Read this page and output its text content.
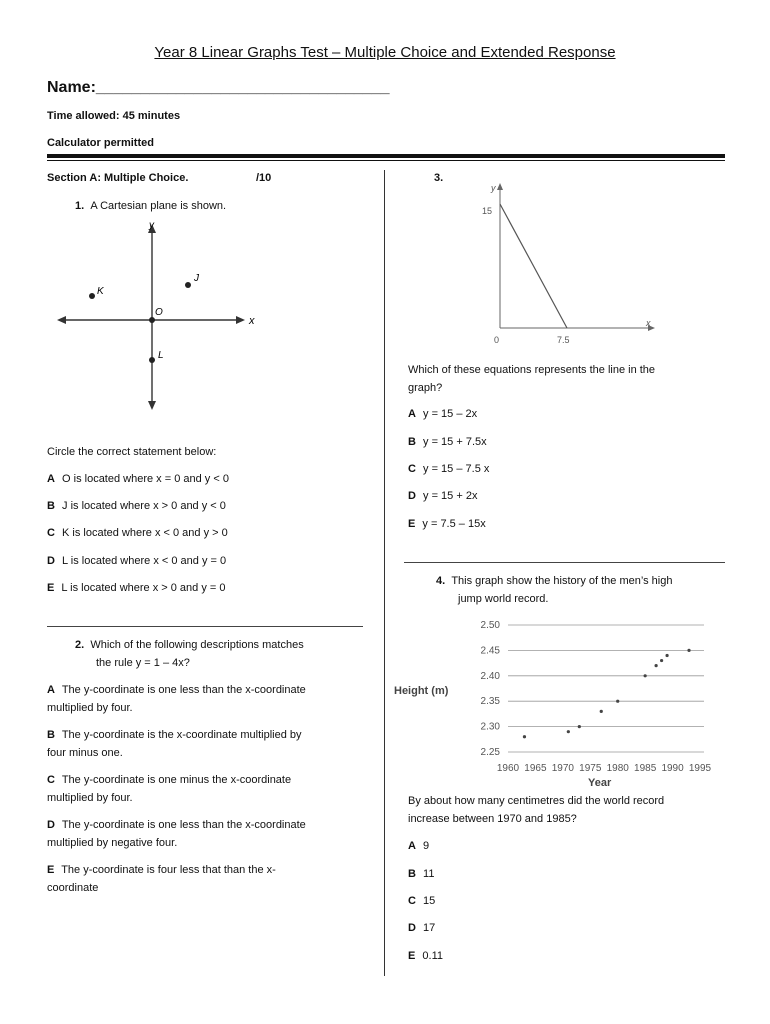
Year 8 Linear Graphs Test – Multiple Choice and Extended Response
Name:_________________________________
Time allowed: 45 minutes
Calculator permitted
Section A: Multiple Choice.	/10
1. A Cartesian plane is shown.
y
x
K
J
O
L
Circle the correct statement below:
A O is located where x = 0 and y < 0
B J is located where x > 0 and y < 0
C K is located where x < 0 and y > 0
D L is located where x < 0 and y = 0
E L is located where x > 0 and y = 0
2. Which of the following descriptions matches
the rule y = 1 – 4x?
A The y-coordinate is one less than the x-coordinate
multiplied by four.
B The y-coordinate is the x-coordinate multiplied by
four minus one.
C The y-coordinate is one minus the x-coordinate
multiplied by four.
D The y-coordinate is one less than the x-coordinate
multiplied by negative four.
E The y-coordinate is four less that than the x-
coordinate
3.
y
x
15
7.5
0
Which of these equations represents the line in the
graph?
A y = 15 – 2x
B y = 15 + 7.5x
C y = 15 – 7.5 x
D y = 15 + 2x
E y = 7.5 – 15x
4. This graph show the history of the men’s high
jump world record.
2.25
2.30
2.35
2.40
2.45
2.50
1960 1965 1970 1975 1980 1985 1990 1995
Height (m)
Year
By about how many centimetres did the world record
increase between 1970 and 1985?
A 9
B 11
C 15
D 17
E 0.11
